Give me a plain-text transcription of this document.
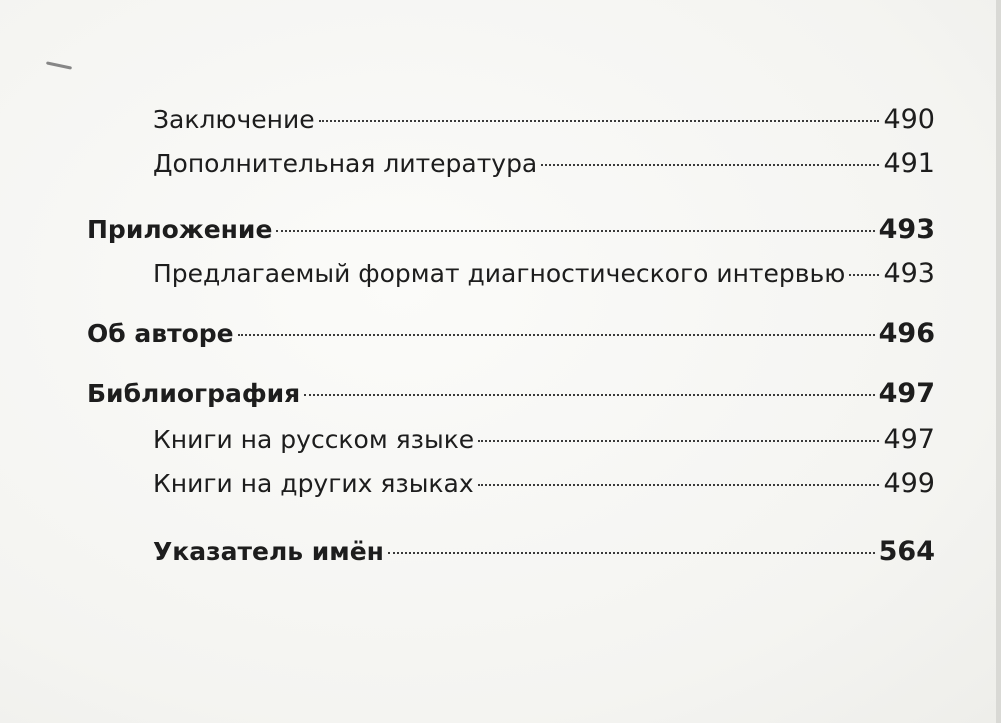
Заключение	490
Дополнительная литература	491
Приложение	493
Предлагаемый формат диагностического интервью 493
Об авторе	496
Библиография	497
Книги на русском языке	497
Книги на других языках	499
Указатель имён	564
